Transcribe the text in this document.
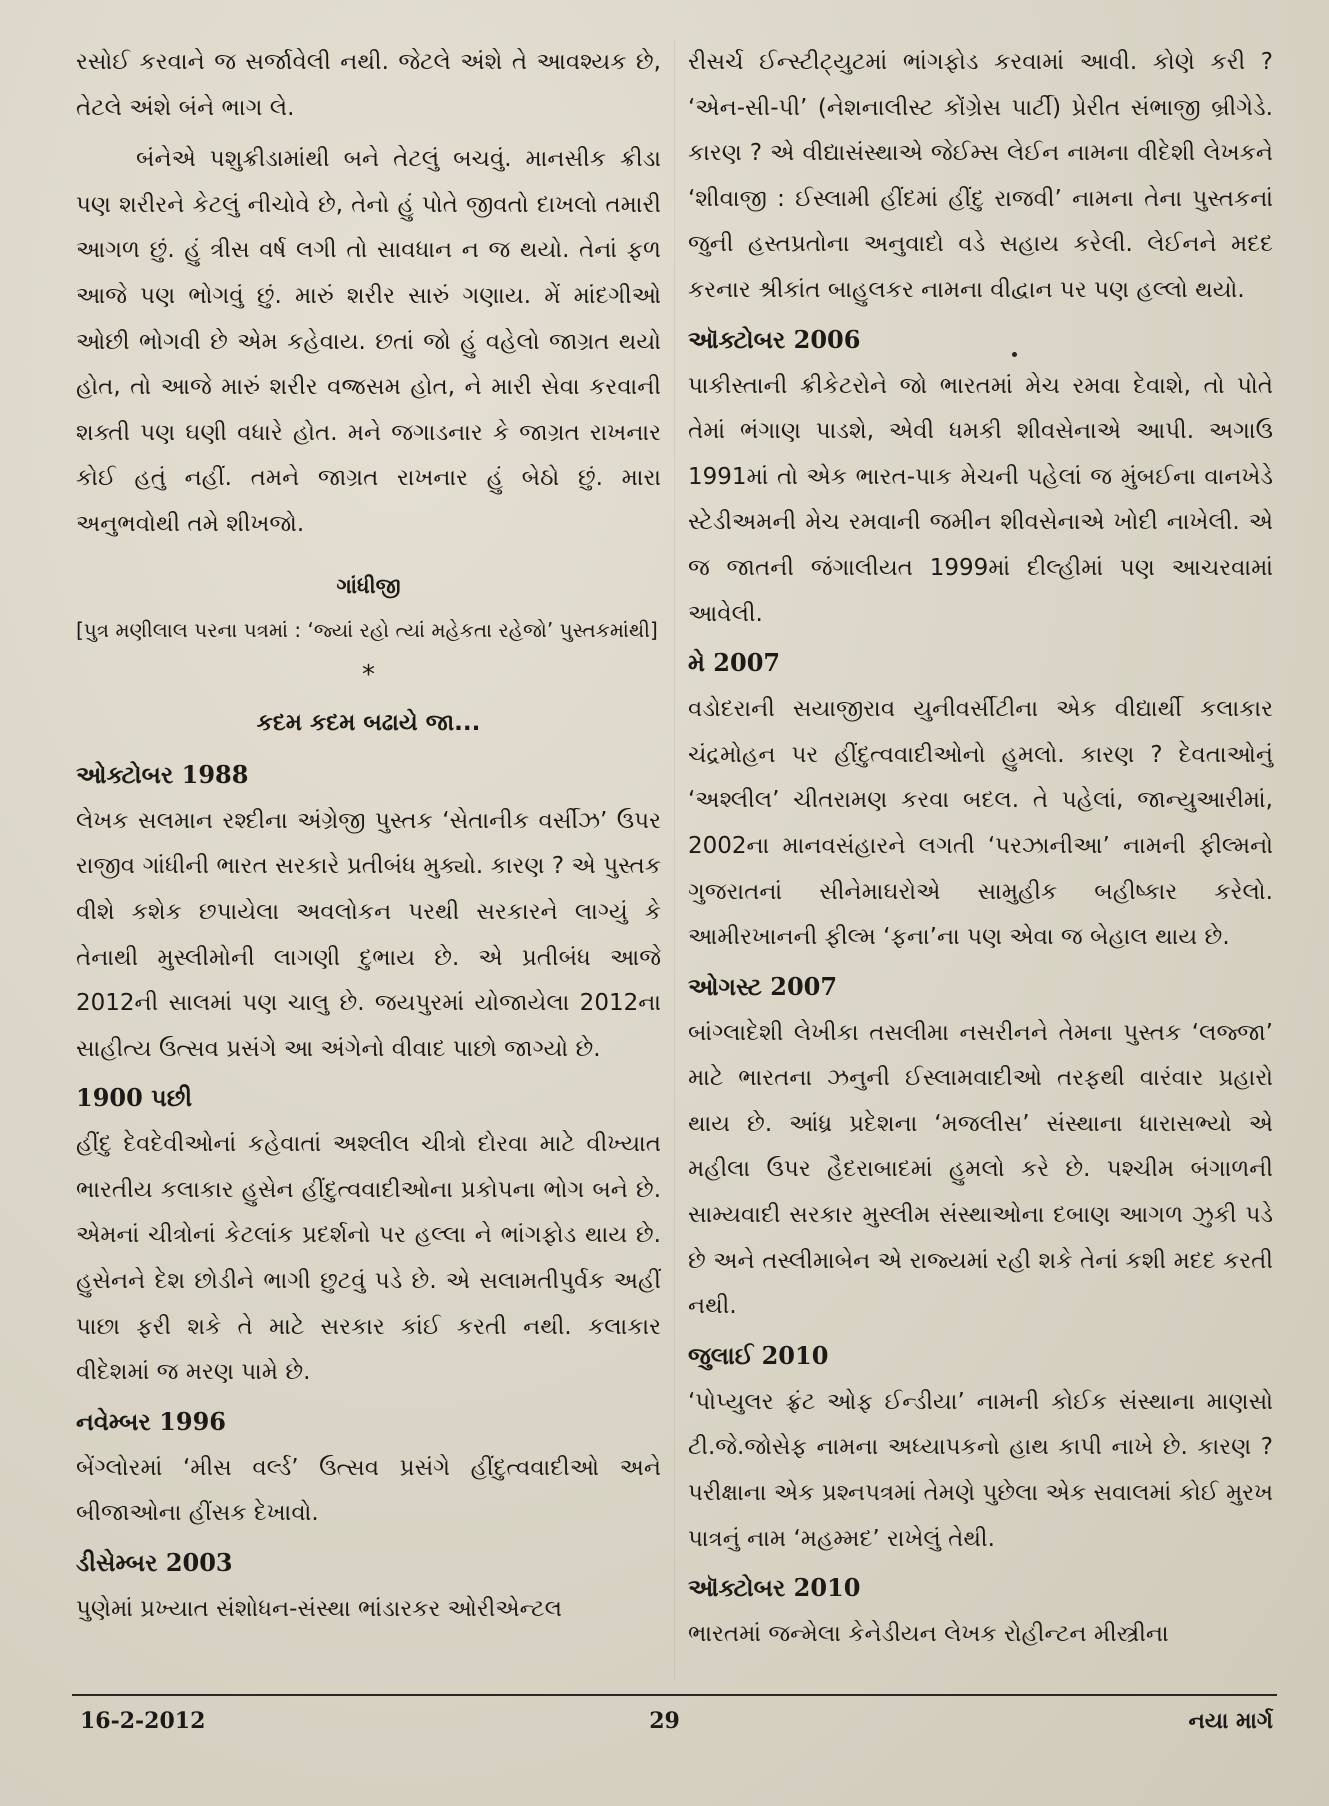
રસોઈ કરવાને જ સર્જાવેલી નથી. જેટલે અંશે તે આવશ્યક છે, તેટલે અંશે બંને ભાગ લે.

બંનેએ પશુક્રીડામાંથી બને તેટલું બચવું. માનસીક ક્રીડા પણ શરીરને કેટલું નીચોવે છે, તેનો હું પોતે જીવતો દાખલો તમારી આગળ છું. હું ત્રીસ વર્ષ લગી તો સાવધાન ન જ થયો. તેનાં ફળ આજે પણ ભોગવું છું. મારું શરીર સારું ગણાય. મેં માંદગીઓ ઓછી ભોગવી છે એમ કહેવાય. છતાં જો હું વહેલો જાગ્રત થયો હોત, તો આજે મારું શરીર વજ્રસમ હોત, ને મારી સેવા કરવાની શક્તી પણ ઘણી વધારે હોત. મને જગાડનાર કે જાગ્રત રાખનાર કોઈ હતું નહીં. તમને જાગ્રત રાખનાર હું બેઠો છું. મારા અનુભવોથી તમે શીખજો.

ગાંધીજી

[પુત્ર મણીલાલ પરના પત્રમાં : ‘જ્યાં રહો ત્યાં મહેકતા રહેજો’ પુસ્તકમાંથી]

*
કદમ કદમ બઢાયે જા...
ઓક્ટોબર 1988

લેખક સલમાન રશ્દીના અંગ્રેજી પુસ્તક ‘સેતાનીક વર્સીઝ’ ઉપર રાજીવ ગાંધીની ભારત સરકારે પ્રતીબંધ મુક્યો. કારણ ? એ પુસ્તક વીશે કશેક છપાયેલા અવલોકન પરથી સરકારને લાગ્યું કે તેનાથી મુસ્લીમોની લાગણી દુભાય છે. એ પ્રતીબંધ આજે 2012ની સાલમાં પણ ચાલુ છે. જયપુરમાં યોજાયેલા 2012ના સાહીત્ય ઉત્સવ પ્રસંગે આ અંગેનો વીવાદ પાછો જાગ્યો છે.

1900 પછી

હીંદુ દેવદેવીઓનાં કહેવાતાં અશ્લીલ ચીત્રો દોરવા માટે વીખ્યાત ભારતીય કલાકાર હુસેન હીંદુત્વવાદીઓના પ્રકોપના ભોગ બને છે. એમનાં ચીત્રોનાં કેટલાંક પ્રદર્શનો પર હલ્લા ને ભાંગફોડ થાય છે. હુસેનને દેશ છોડીને ભાગી છુટવું પડે છે. એ સલામતીપુર્વક અહીં પાછા ફરી શકે તે માટે સરકાર કાંઈ કરતી નથી. કલાકાર વીદેશમાં જ મરણ પામે છે.

નવેમ્બર 1996

બેંગ્લોરમાં ‘મીસ વર્લ્ડ’ ઉત્સવ પ્રસંગે હીંદુત્વવાદીઓ અને બીજાઓના હીંસક દેખાવો.

ડીસેમ્બર 2003

પુણેમાં પ્રખ્યાત સંશોધન-સંસ્થા ભાંડારકર ઓરીએન્ટલ

રીસર્ચ ઈન્સ્ટીટ્યુટમાં ભાંગફોડ કરવામાં આવી. કોણે કરી ? ‘એન-સી-પી’ (નેશનાલીસ્ટ કોંગ્રેસ પાર્ટી) પ્રેરીત સંભાજી બ્રીગેડે. કારણ ? એ વીદ્યાસંસ્થાએ જેઈમ્સ લેઈન નામના વીદેશી લેખકને ‘શીવાજી : ઈસ્લામી હીંદમાં હીંદુ રાજવી’ નામના તેના પુસ્તકનાં જુની હસ્તપ્રતોના અનુવાદો વડે સહાય કરેલી. લેઈનને મદદ કરનાર શ્રીકાંત બાહુલકર નામના વીદ્વાન પર પણ હલ્લો થયો.

ઑક્ટોબર 2006

પાકીસ્તાની ક્રીકેટરોને જો ભારતમાં મેચ રમવા દેવાશે, તો પોતે તેમાં ભંગાણ પાડશે, એવી ધમકી શીવસેનાએ આપી. અગાઉ 1991માં તો એક ભારત-પાક મેચની પહેલાં જ મુંબઈના વાનખેડે સ્ટેડીઅમની મેચ રમવાની જમીન શીવસેનાએ ખોદી નાખેલી. એ જ જાતની જંગાલીયત 1999માં દીલ્હીમાં પણ આચરવામાં આવેલી.

મે 2007

વડોદરાની સયાજીરાવ યુનીવર્સીટીના એક વીદ્યાર્થી કલાકાર ચંદ્રમોહન પર હીંદુત્વવાદીઓનો હુમલો. કારણ ? દેવતાઓનું ‘અશ્લીલ’ ચીતરામણ કરવા બદલ. તે પહેલાં, જાન્યુઆરીમાં, 2002ના માનવસંહારને લગતી ‘પરઝાનીઆ’ નામની ફીલ્મનો ગુજરાતનાં સીનેમાઘરોએ સામુહીક બહીષ્કાર કરેલો. આમીરખાનની ફીલ્મ ‘ફના’ના પણ એવા જ બેહાલ થાય છે.

ઓગસ્ટ 2007

બાંગ્લાદેશી લેખીકા તસલીમા નસરીનને તેમના પુસ્તક ‘લજ્જા’ માટે ભારતના ઝનુની ઈસ્લામવાદીઓ તરફથી વારંવાર પ્રહારો થાય છે. આંધ્ર પ્રદેશના ‘મજલીસ’ સંસ્થાના ધારાસભ્યો એ મહીલા ઉપર હૈદરાબાદમાં હુમલો કરે છે. પશ્ચીમ બંગાળની સામ્યવાદી સરકાર મુસ્લીમ સંસ્થાઓના દબાણ આગળ ઝુકી પડે છે અને તસ્લીમાબેન એ રાજ્યમાં રહી શકે તેનાં કશી મદદ કરતી નથી.

જુલાઈ 2010

‘પોપ્યુલર ફ્રંટ ઓફ ઈન્ડીયા’ નામની કોઈક સંસ્થાના માણસો ટી.જે.જોસેફ નામના અધ્યાપકનો હાથ કાપી નાખે છે. કારણ ? પરીક્ષાના એક પ્રશ્નપત્રમાં તેમણે પુછેલા એક સવાલમાં કોઈ મુરખ પાત્રનું નામ ‘મહમ્મદ’ રાખેલું તેથી.

ઑક્ટોબર 2010

ભારતમાં જન્મેલા કેનેડીયન લેખક રોહીન્ટન મીસ્ત્રીના

16-2-2012	29	નયા માર્ગ
